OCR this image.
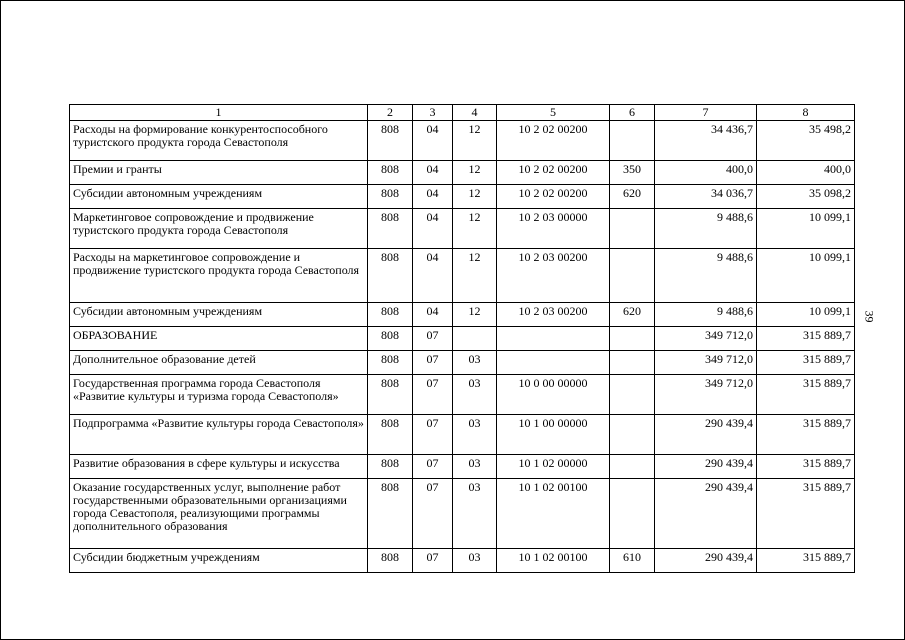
39
1	2	3	4	5	6	7	8
Расходы на формирование конкурентоспособного туристского продукта города Севастополя	808	04	12	10 2 02 00200		34 436,7	35 498,2
Премии и гранты	808	04	12	10 2 02 00200	350	400,0	400,0
Субсидии автономным учреждениям	808	04	12	10 2 02 00200	620	34 036,7	35 098,2
Маркетинговое сопровождение и продвижение туристского продукта города Севастополя	808	04	12	10 2 03 00000		9 488,6	10 099,1
Расходы на маркетинговое сопровождение и продвижение туристского продукта города Севастополя	808	04	12	10 2 03 00200		9 488,6	10 099,1
Субсидии автономным учреждениям	808	04	12	10 2 03 00200	620	9 488,6	10 099,1
ОБРАЗОВАНИЕ	808	07				349 712,0	315 889,7
Дополнительное образование детей	808	07	03			349 712,0	315 889,7
Государственная программа города Севастополя «Развитие культуры и туризма города Севастополя»	808	07	03	10 0 00 00000		349 712,0	315 889,7
Подпрограмма «Развитие культуры города Севастополя»	808	07	03	10 1 00 00000		290 439,4	315 889,7
Развитие образования в сфере культуры и искусства	808	07	03	10 1 02 00000		290 439,4	315 889,7
Оказание государственных услуг, выполнение работ государственными образовательными организациями города Севастополя, реализующими программы дополнительного образования	808	07	03	10 1 02 00100		290 439,4	315 889,7
Субсидии бюджетным учреждениям	808	07	03	10 1 02 00100	610	290 439,4	315 889,7
